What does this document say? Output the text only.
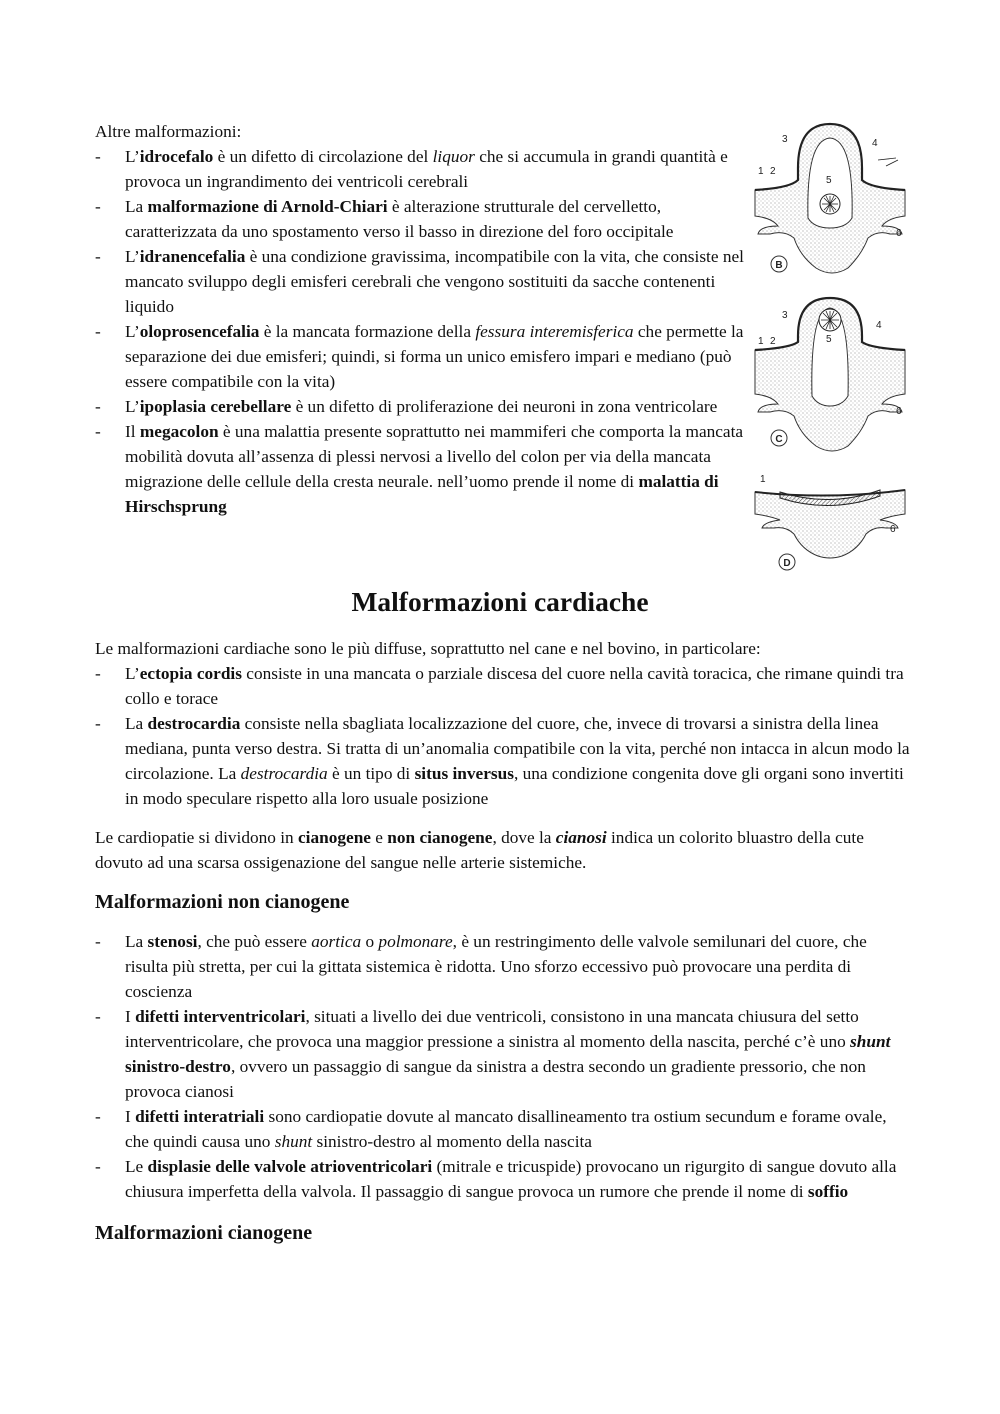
Altre malformazioni:

- L’idrocefalo è un difetto di circolazione del liquor che si accumula in grandi quantità e provoca un ingrandimento dei ventricoli cerebrali
- La malformazione di Arnold-Chiari è alterazione strutturale del cervelletto, caratterizzata da uno spostamento verso il basso in direzione del foro occipitale
- L’idranencefalia è una condizione gravissima, incompatibile con la vita, che consiste nel mancato sviluppo degli emisferi cerebrali che vengono sostituiti da sacche contenenti liquido
- L’oloprosencefalia è la mancata formazione della fessura interemisferica che permette la separazione dei due emisferi; quindi, si forma un unico emisfero impari e mediano (può essere compatibile con la vita)
- L’ipoplasia cerebellare è un difetto di proliferazione dei neuroni in zona ventricolare
- Il megacolon è una malattia presente soprattutto nei mammiferi che comporta la mancata mobilità dovuta all’assenza di plessi nervosi a livello del colon per via della mancata migrazione delle cellule della cresta neurale. nell’uomo prende il nome di malattia di Hirschsprung
1 2
3	4
5
6
B
1 2
3
4
5
6
C
1
6
D
Malformazioni cardiache

Le malformazioni cardiache sono le più diffuse, soprattutto nel cane e nel bovino, in particolare:

- L’ectopia cordis consiste in una mancata o parziale discesa del cuore nella cavità toracica, che rimane quindi tra collo e torace
- La destrocardia consiste nella sbagliata localizzazione del cuore, che, invece di trovarsi a sinistra della linea mediana, punta verso destra. Si tratta di un’anomalia compatibile con la vita, perché non intacca in alcun modo la circolazione. La destrocardia è un tipo di situs inversus, una condizione congenita dove gli organi sono invertiti in modo speculare rispetto alla loro usuale posizione

Le cardiopatie si dividono in cianogene e non cianogene, dove la cianosi indica un colorito bluastro della cute dovuto ad una scarsa ossigenazione del sangue nelle arterie sistemiche.

Malformazioni non cianogene
- La stenosi, che può essere aortica o polmonare, è un restringimento delle valvole semilunari del cuore, che risulta più stretta, per cui la gittata sistemica è ridotta. Uno sforzo eccessivo può provocare una perdita di coscienza
- I difetti interventricolari, situati a livello dei due ventricoli, consistono in una mancata chiusura del setto interventricolare, che provoca una maggior pressione a sinistra al momento della nascita, perché c’è uno shunt sinistro-destro, ovvero un passaggio di sangue da sinistra a destra secondo un gradiente pressorio, che non provoca cianosi
- I difetti interatriali sono cardiopatie dovute al mancato disallineamento tra ostium secundum e forame ovale, che quindi causa uno shunt sinistro-destro al momento della nascita
- Le displasie delle valvole atrioventricolari (mitrale e tricuspide) provocano un rigurgito di sangue dovuto alla chiusura imperfetta della valvola. Il passaggio di sangue provoca un rumore che prende il nome di soffio
Malformazioni cianogene
